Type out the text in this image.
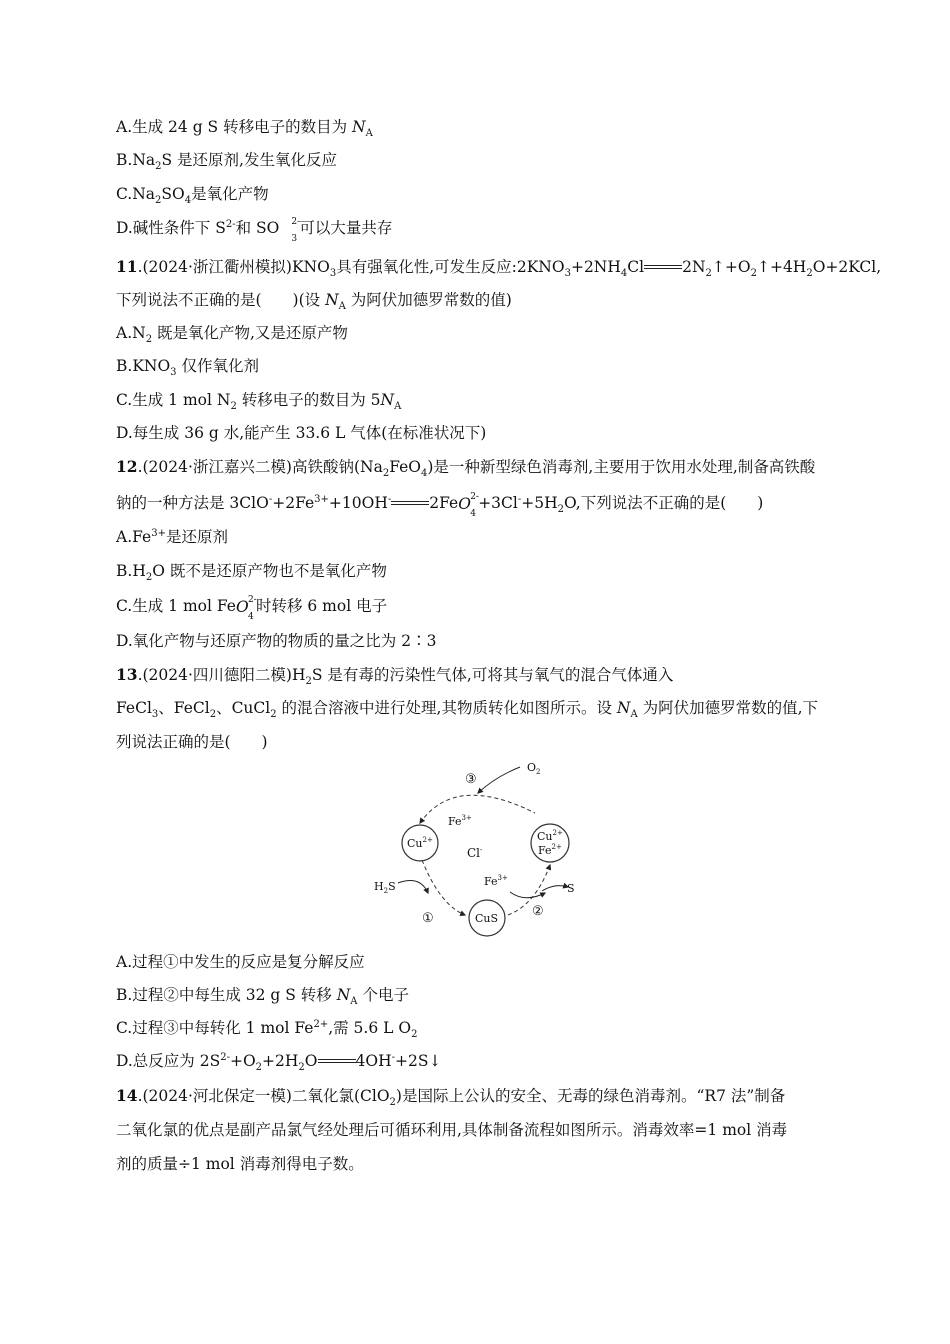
A.生成 24 g S 转移电子的数目为 $N_A$
$B.Na_2S$ 是还原剂,发生氧化反应
$C.Na_2SO_4$是氧化产物
D.碱性条件下 $S^{2-}$和 SO 2-
3
可以大量共存
11.(2024·浙江衢州模拟)$KNO_3$具有强氧化性,可发生反应$:2KNO_3+2NH_4Cl$ $2N_2↑+O_2↑+4H_2O+2KCl$,
下列说法不正确的是(　　)(设 $N_A$ 为阿伏加德罗常数的值)
$A.N_2$ 既是氧化产物,又是还原产物
$B.KNO_3$ 仅作氧化剂
C.生成 1 mol $N_2$ 转移电子的数目为 $5N_A$
D.每生成 36 g 水,能产生 33.6 L 气体(在标准状况下)
12.(2024·浙江嘉兴二模)高铁酸钠$(Na_2FeO_4)$是一种新型绿色消毒剂,主要用于饮用水处理,制备高铁酸
钠的一种方法是 $3ClO^-+2Fe^{3+}+10OH^-$ 2Fe O 2-
4
$+3Cl^-+5H_2O$,下列说法不正确的是(　　)
$A.Fe^{3+}$是还原剂
$B.H_2O$ 既不是还原产物也不是氧化产物
C.生成 1 mol Fe O 2-
4
时转移 6 mol 电子
D.氧化产物与还原产物的物质的量之比为 2∶3
13.(2024·四川德阳二模)$H_2S$ 是有毒的污染性气体,可将其与氧气的混合气体通入
FeCl$_3$、FeCl$_2$、CuCl$_2$ 的混合溶液中进行处理,其物质转化如图所示。设 $N_A$ 为阿伏加德罗常数的值,下
列说法正确的是(　　)
$O_2$
③
$Fe^{3+}$
$Cu^{2+}$
Cl-
$Cu^{2+}$
$Fe^{2+}$
$H_2S$	$Fe^{3+}$
S
①	CuS	②
A.过程①中发生的反应是复分解反应
B.过程②中每生成 32 g S 转移 $N_A$ 个电子
C.过程③中每转化 1 mol $Fe^{2+}$,需 5.6 L $O_2$
D.总反应为 $2S^{2-}+O_2+2H_2O$ 4OH-+2S↓
14.(2024·河北保定一模)二氧化氯(ClO$_2$)是国际上公认的安全、无毒的绿色消毒剂。“R7 法”制备
二氧化氯的优点是副产品氯气经处理后可循环利用,具体制备流程如图所示。消毒效率=1 mol 消毒
剂的质量÷1 mol 消毒剂得电子数。
